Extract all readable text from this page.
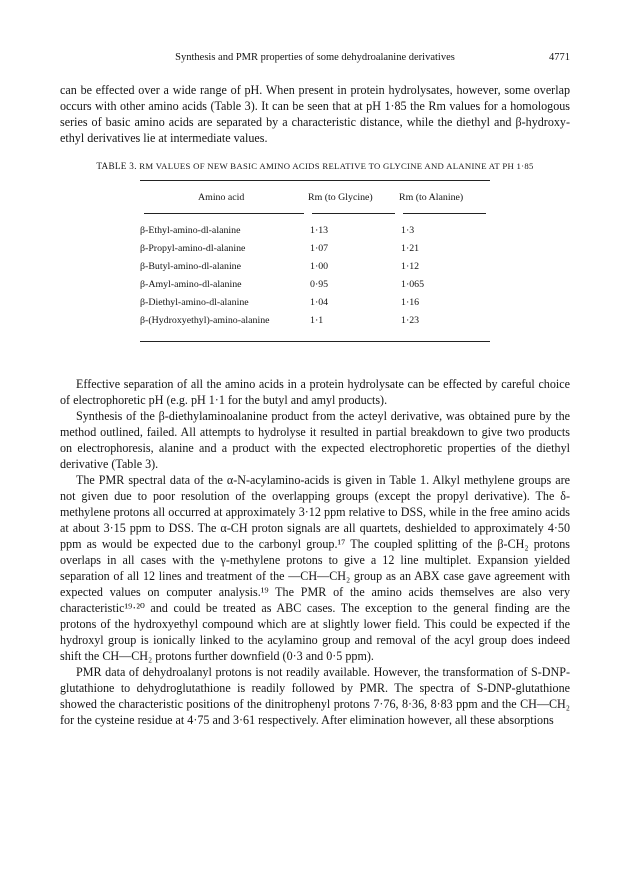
Synthesis and PMR properties of some dehydroalanine derivatives	4771

can be effected over a wide range of pH. When present in protein hydrolysates, however, some overlap occurs with other amino acids (Table 3). It can be seen that at pH 1·85 the Rm values for a homologous series of basic amino acids are separated by a characteristic distance, while the diethyl and β-hydroxy-ethyl derivatives lie at intermediate values.

TABLE 3. RM VALUES OF NEW BASIC AMINO ACIDS RELATIVE TO GLYCINE AND ALANINE AT PH 1·85

Amino acid	Rm (to Glycine)	Rm (to Alanine)

β-Ethyl-amino-dl-alanine	1·13	1·3
β-Propyl-amino-dl-alanine	1·07	1·21
β-Butyl-amino-dl-alanine	1·00	1·12
β-Amyl-amino-dl-alanine	0·95	1·065
β-Diethyl-amino-dl-alanine	1·04	1·16
β-(Hydroxyethyl)-amino-alanine	1·1	1·23

Effective separation of all the amino acids in a protein hydrolysate can be effected by careful choice of electrophoretic pH (e.g. pH 1·1 for the butyl and amyl products).

Synthesis of the β-diethylaminoalanine product from the acteyl derivative, was obtained pure by the method outlined, failed. All attempts to hydrolyse it resulted in partial breakdown to give two products on electrophoresis, alanine and a product with the expected electrophoretic properties of the diethyl derivative (Table 3).

The PMR spectral data of the α-N-acylamino-acids is given in Table 1. Alkyl methylene groups are not given due to poor resolution of the overlapping groups (except the propyl derivative). The δ-methylene protons all occurred at approximately 3·12 ppm relative to DSS, while in the free amino acids at about 3·15 ppm to DSS. The α-CH proton signals are all quartets, deshielded to approximately 4·50 ppm as would be expected due to the carbonyl group.¹⁷ The coupled splitting of the β-CH₂ protons overlaps in all cases with the γ-methylene protons to give a 12 line multiplet. Expansion yielded separation of all 12 lines and treatment of the —CH—CH₂ group as an ABX case gave agreement with expected values on computer analysis.¹⁹ The PMR of the amino acids themselves are also very characteristic¹⁹·²⁰ and could be treated as ABC cases. The exception to the general finding are the protons of the hydroxyethyl compound which are at slightly lower field. This could be expected if the hydroxyl group is ionically linked to the acylamino group and removal of the acyl group does indeed shift the CH—CH₂ protons further downfield (0·3 and 0·5 ppm).

PMR data of dehydroalanyl protons is not readily available. However, the transformation of S-DNP-glutathione to dehydroglutathione is readily followed by PMR. The spectra of S-DNP-glutathione showed the characteristic positions of the dinitrophenyl protons 7·76, 8·36, 8·83 ppm and the CH—CH₂ for the cysteine residue at 4·75 and 3·61 respectively. After elimination however, all these absorptions
